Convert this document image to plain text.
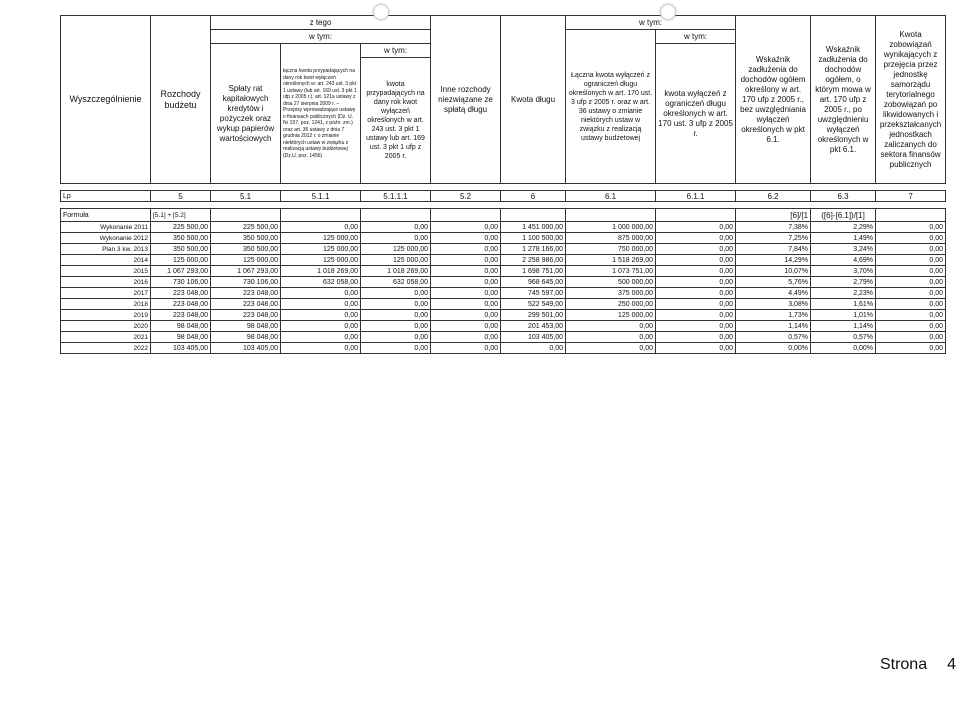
Wyszczególnienie	Rozchody budżetu	z tego			Inne rozchody niezwiązane ze spłatą długu	Kwota długu	w tym:		Wskaźnik zadłużenia do dochodów ogółem określony w art. 170 ufp z 2005 r., bez uwzględniania wyłączeń określonych w pkt 6.1.	Wskaźnik zadłużenia do dochodów ogółem, o którym mowa w art. 170 ufp z 2005 r., po uwzględnieniu wyłączeń określonych w pkt 6.1.	Kwota zobowiązań wynikających z przejęcia przez jednostkę samorządu terytorialnego zobowiązań po likwidowanych i przekształcanych jednostkach zaliczanych do sektora finansów publicznych
		w tym:					Łączna kwota wyłączeń z ograniczeń długu określonych w art. 170 ust. 3 ufp z 2005 r. oraz w art. 36 ustawy o zmianie niektórych ustaw w związku z realizacją ustawy budżetowej	w tym:			
		Spłaty rat kapitałowych kredytów i pożyczek oraz wykup papierów wartościowych	łączna kwota przypadających na dany rok kwot wyłączeń określonych w: art. 243 ust. 3 pkt 1 ustawy (lub art. 169 ust. 3 pkt 1 ufp z 2005 r.), art. 121a ustawy z dnia 27 sierpnia 2009 r. – Przepisy wprowadzające ustawę o finansach publicznych (Dz. U. Nr 157, poz. 1241, z późn. zm.) oraz art. 36 ustawy z dnia 7 grudnia 2012 r. o zmianie niektórych ustaw w związku z realizacją ustawy budżetowej (Dz.U. poz. 1456)	w tym:				kwota wyłączeń z ograniczeń długu określonych w art. 170 ust. 3 ufp z 2005 r.			
				kwota przypadających na dany rok kwot wyłączeń określonych w art. 243 ust. 3 pkt 1 ustawy lub art. 169 ust. 3 pkt 1 ufp z 2005 r.							

Lp	5	5.1	5.1.1	5.1.1.1	5.2	6	6.1	6.1.1	6.2	6.3	7

Formuła	[5.1] + [5.2]								[6]/[1	([6]-[6.1])/[1]	
Wykonanie 2011	225 500,00	225 500,00	0,00	0,00	0,00	1 451 000,00	1 000 000,00	0,00	7,38%	2,29%	0,00
Wykonanie 2012	350 500,00	350 500,00	125 000,00	0,00	0,00	1 100 500,00	875 000,00	0,00	7,25%	1,49%	0,00
Plan 3 kw. 2013	350 500,00	350 500,00	125 000,00	125 000,00	0,00	1 278 166,00	750 000,00	0,00	7,84%	3,24%	0,00
2014	125 000,00	125 000,00	125 000,00	125 000,00	0,00	2 258 986,00	1 518 269,00	0,00	14,29%	4,69%	0,00
2015	1 067 293,00	1 067 293,00	1 018 269,00	1 018 269,00	0,00	1 698 751,00	1 073 751,00	0,00	10,07%	3,70%	0,00
2016	730 106,00	730 106,00	632 058,00	632 058,00	0,00	968 645,00	500 000,00	0,00	5,76%	2,79%	0,00
2017	223 048,00	223 048,00	0,00	0,00	0,00	745 597,00	375 000,00	0,00	4,49%	2,23%	0,00
2018	223 048,00	223 048,00	0,00	0,00	0,00	522 549,00	250 000,00	0,00	3,08%	1,61%	0,00
2019	223 048,00	223 048,00	0,00	0,00	0,00	299 501,00	125 000,00	0,00	1,73%	1,01%	0,00
2020	98 048,00	98 048,00	0,00	0,00	0,00	201 453,00	0,00	0,00	1,14%	1,14%	0,00
2021	98 048,00	98 048,00	0,00	0,00	0,00	103 405,00	0,00	0,00	0,57%	0,57%	0,00
2022	103 405,00	103 405,00	0,00	0,00	0,00	0,00	0,00	0,00	0,00%	0,00%	0,00
Strona 4
